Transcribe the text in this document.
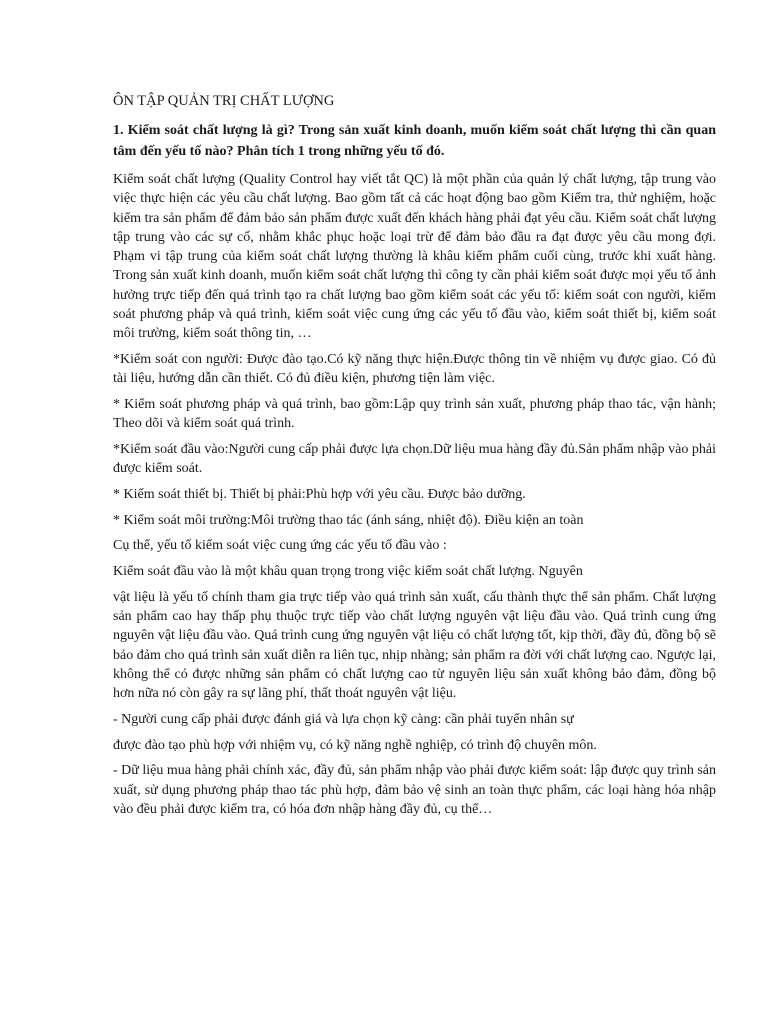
ÔN TẬP QUẢN TRỊ CHẤT LƯỢNG
1. Kiểm soát chất lượng là gì? Trong sản xuất kinh doanh, muốn kiểm soát chất lượng thì cần quan tâm đến yếu tố nào? Phân tích 1 trong những yếu tố đó.

Kiểm soát chất lượng (Quality Control hay viết tắt QC) là một phần của quản lý chất lượng, tập trung vào việc thực hiện các yêu cầu chất lượng. Bao gồm tất cả các hoạt động bao gồm Kiểm tra, thử nghiệm, hoặc kiểm tra sản phẩm để đảm bảo sản phẩm được xuất đến khách hàng phải đạt yêu cầu. Kiểm soát chất lượng tập trung vào các sự cố, nhằm khắc phục hoặc loại trừ để đảm bảo đầu ra đạt được yêu cầu mong đợi. Phạm vi tập trung của kiểm soát chất lượng thường là khâu kiểm phẩm cuối cùng, trước khi xuất hàng. Trong sản xuất kinh doanh, muốn kiểm soát chất lượng thì công ty cần phải kiểm soát được mọi yếu tố ảnh hưởng trực tiếp đến quá trình tạo ra chất lượng bao gồm kiểm soát các yếu tố: kiểm soát con người, kiểm soát phương pháp và quá trình, kiểm soát việc cung ứng các yếu tố đầu vào, kiểm soát thiết bị, kiểm soát môi trường, kiểm soát thông tin, …

*Kiểm soát con người: Được đào tạo.Có kỹ năng thực hiện.Được thông tin về nhiệm vụ được giao. Có đủ tài liệu, hướng dẫn cần thiết. Có đủ điều kiện, phương tiện làm việc.

* Kiểm soát phương pháp và quá trình, bao gồm:Lập quy trình sản xuất, phương pháp thao tác, vận hành; Theo dõi và kiểm soát quá trình.

*Kiểm soát đầu vào:Người cung cấp phải được lựa chọn.Dữ liệu mua hàng đầy đủ.Sản phẩm nhập vào phải được kiểm soát.

* Kiểm soát thiết bị. Thiết bị phải:Phù hợp với yêu cầu. Được bảo dưỡng.

* Kiểm soát môi trường:Môi trường thao tác (ánh sáng, nhiệt độ). Điều kiện an toàn

Cụ thể, yếu tố kiểm soát việc cung ứng các yếu tố đầu vào :

Kiểm soát đầu vào là một khâu quan trọng trong việc kiểm soát chất lượng. Nguyên

vật liệu là yếu tố chính tham gia trực tiếp vào quá trình sản xuất, cấu thành thực thể sản phẩm. Chất lượng sản phẩm cao hay thấp phụ thuộc trực tiếp vào chất lượng nguyên vật liệu đầu vào. Quá trình cung ứng nguyên vật liệu đầu vào. Quá trình cung ứng nguyên vật liệu có chất lượng tốt, kịp thời, đầy đủ, đồng bộ sẽ bảo đảm cho quá trình sản xuất diễn ra liên tục, nhịp nhàng; sản phẩm ra đời với chất lượng cao. Ngược lại, không thể có được những sản phẩm có chất lượng cao từ nguyên liệu sản xuất không bảo đảm, đồng bộ hơn nữa nó còn gây ra sự lãng phí, thất thoát nguyên vật liệu.

- Người cung cấp phải được đánh giá và lựa chọn kỹ càng: cần phải tuyển nhân sự

được đào tạo phù hợp với nhiệm vụ, có kỹ năng nghề nghiệp, có trình độ chuyên môn.

- Dữ liệu mua hàng phải chính xác, đầy đủ, sản phẩm nhập vào phải được kiểm soát: lập được quy trình sản xuất, sử dụng phương pháp thao tác phù hợp, đảm bảo vệ sinh an toàn thực phẩm, các loại hàng hóa nhập vào đều phải được kiểm tra, có hóa đơn nhập hàng đầy đủ, cụ thể…
